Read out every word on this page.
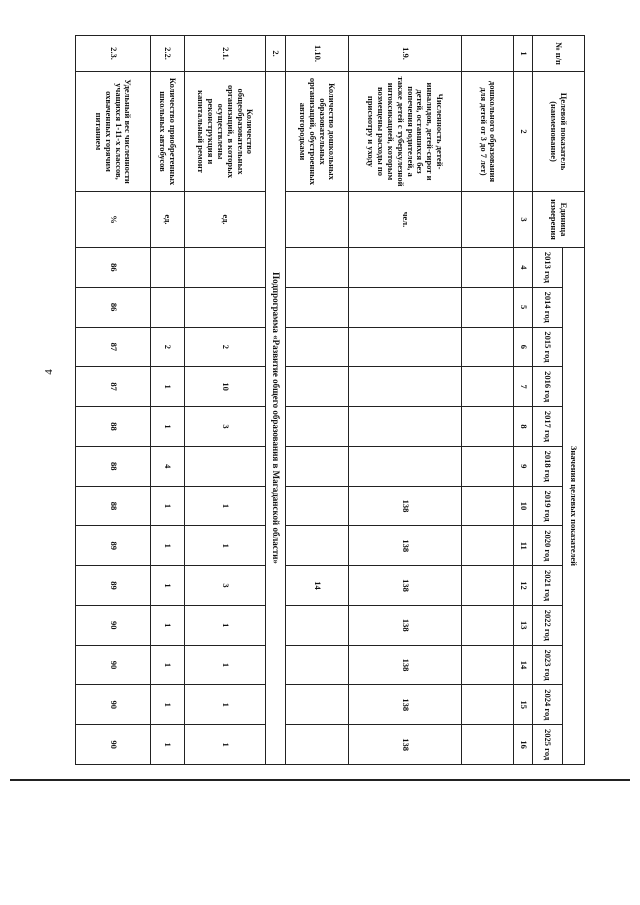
4
№ п/п	Целевой показатель (наименование)	Единица измерения	Значения целевых показателей												
			2013 год	2014 год	2015 год	2016 год	2017 год	2018 год	2019 год	2020 год	2021 год	2022 год	2023 год	2024 год	2025 год
1	2	3	4	5	6	7	8	9	10	11	12	13	14	15	16
	дошкольного образования для детей от 3 до 7 лет)														
1.9.	Численность детей-инвалидов, детей-сирот и детей, оставшихся без попечения родителей, а также детей с туберкулезной интоксикацией, которым возмещены расходы по присмотру и уходу	чел.							138	138	138	138	138	138	138
1.10.	Количество дошкольных образовательных организаций, обустроенных автогородками										14				
2.	Подпрограмма «Развитие общего образования в Магаданской области»														
2.1.	Количество общеобразовательных организаций, в которых осуществлены реконструкция и капитальный ремонт	ед.			2	10	3		1	1	3	1	1	1	1
2.2.	Количество приобретенных школьных автобусов	ед.			2	1	1	4	1	1	1	1	1	1	1
2.3.	Удельный вес численности учащихся 1-11-х классов, охваченных горячим питанием	%	86	86	87	87	88	88	88	89	89	90	90	90	90
